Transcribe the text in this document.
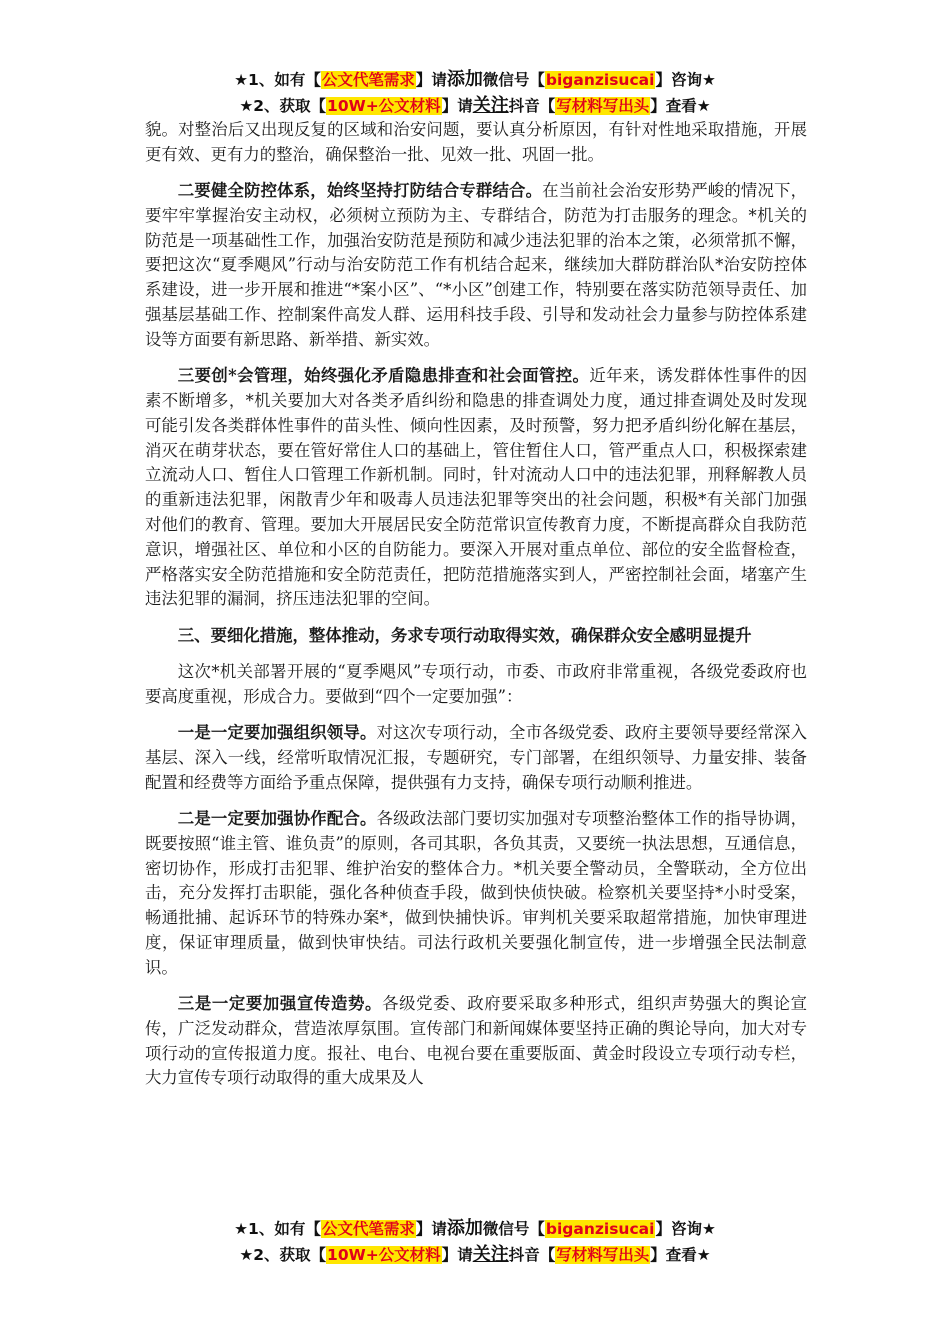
★1、如有【公文代笔需求】请添加微信号【biganzisucai】咨询★
★2、获取【10W+公文材料】请关注抖音【写材料写出头】查看★

貌。对整治后又出现反复的区域和治安问题，要认真分析原因，有针对性地采取措施，开展更有效、更有力的整治，确保整治一批、见效一批、巩固一批。

二要健全防控体系，始终坚持打防结合专群结合。在当前社会治安形势严峻的情况下，要牢牢掌握治安主动权，必须树立预防为主、专群结合，防范为打击服务的理念。*机关的防范是一项基础性工作，加强治安防范是预防和减少违法犯罪的治本之策，必须常抓不懈，要把这次“夏季飓风”行动与治安防范工作有机结合起来，继续加大群防群治队*治安防控体系建设，进一步开展和推进“*案小区”、“*小区”创建工作，特别要在落实防范领导责任、加强基层基础工作、控制案件高发人群、运用科技手段、引导和发动社会力量参与防控体系建设等方面要有新思路、新举措、新实效。

三要创*会管理，始终强化矛盾隐患排查和社会面管控。近年来，诱发群体性事件的因素不断增多，*机关要加大对各类矛盾纠纷和隐患的排查调处力度，通过排查调处及时发现可能引发各类群体性事件的苗头性、倾向性因素，及时预警，努力把矛盾纠纷化解在基层，消灭在萌芽状态，要在管好常住人口的基础上，管住暂住人口，管严重点人口，积极探索建立流动人口、暂住人口管理工作新机制。同时，针对流动人口中的违法犯罪，刑释解教人员的重新违法犯罪，闲散青少年和吸毒人员违法犯罪等突出的社会问题，积极*有关部门加强对他们的教育、管理。要加大开展居民安全防范常识宣传教育力度，不断提高群众自我防范意识，增强社区、单位和小区的自防能力。要深入开展对重点单位、部位的安全监督检查，严格落实安全防范措施和安全防范责任，把防范措施落实到人，严密控制社会面，堵塞产生违法犯罪的漏洞，挤压违法犯罪的空间。

三、要细化措施，整体推动，务求专项行动取得实效，确保群众安全感明显提升

这次*机关部署开展的“夏季飓风”专项行动，市委、市政府非常重视，各级党委政府也要高度重视，形成合力。要做到“四个一定要加强”：

一是一定要加强组织领导。对这次专项行动，全市各级党委、政府主要领导要经常深入基层、深入一线，经常听取情况汇报，专题研究，专门部署，在组织领导、力量安排、装备配置和经费等方面给予重点保障，提供强有力支持，确保专项行动顺利推进。

二是一定要加强协作配合。各级政法部门要切实加强对专项整治整体工作的指导协调，既要按照“谁主管、谁负责”的原则，各司其职，各负其责，又要统一执法思想，互通信息，密切协作，形成打击犯罪、维护治安的整体合力。*机关要全警动员，全警联动，全方位出击，充分发挥打击职能，强化各种侦查手段，做到快侦快破。检察机关要坚持*小时受案，畅通批捕、起诉环节的特殊办案*，做到快捕快诉。审判机关要采取超常措施，加快审理进度，保证审理质量，做到快审快结。司法行政机关要强化制宣传，进一步增强全民法制意识。

三是一定要加强宣传造势。各级党委、政府要采取多种形式，组织声势强大的舆论宣传，广泛发动群众，营造浓厚氛围。宣传部门和新闻媒体要坚持正确的舆论导向，加大对专项行动的宣传报道力度。报社、电台、电视台要在重要版面、黄金时段设立专项行动专栏，大力宣传专项行动取得的重大成果及人

★1、如有【公文代笔需求】请添加微信号【biganzisucai】咨询★
★2、获取【10W+公文材料】请关注抖音【写材料写出头】查看★
